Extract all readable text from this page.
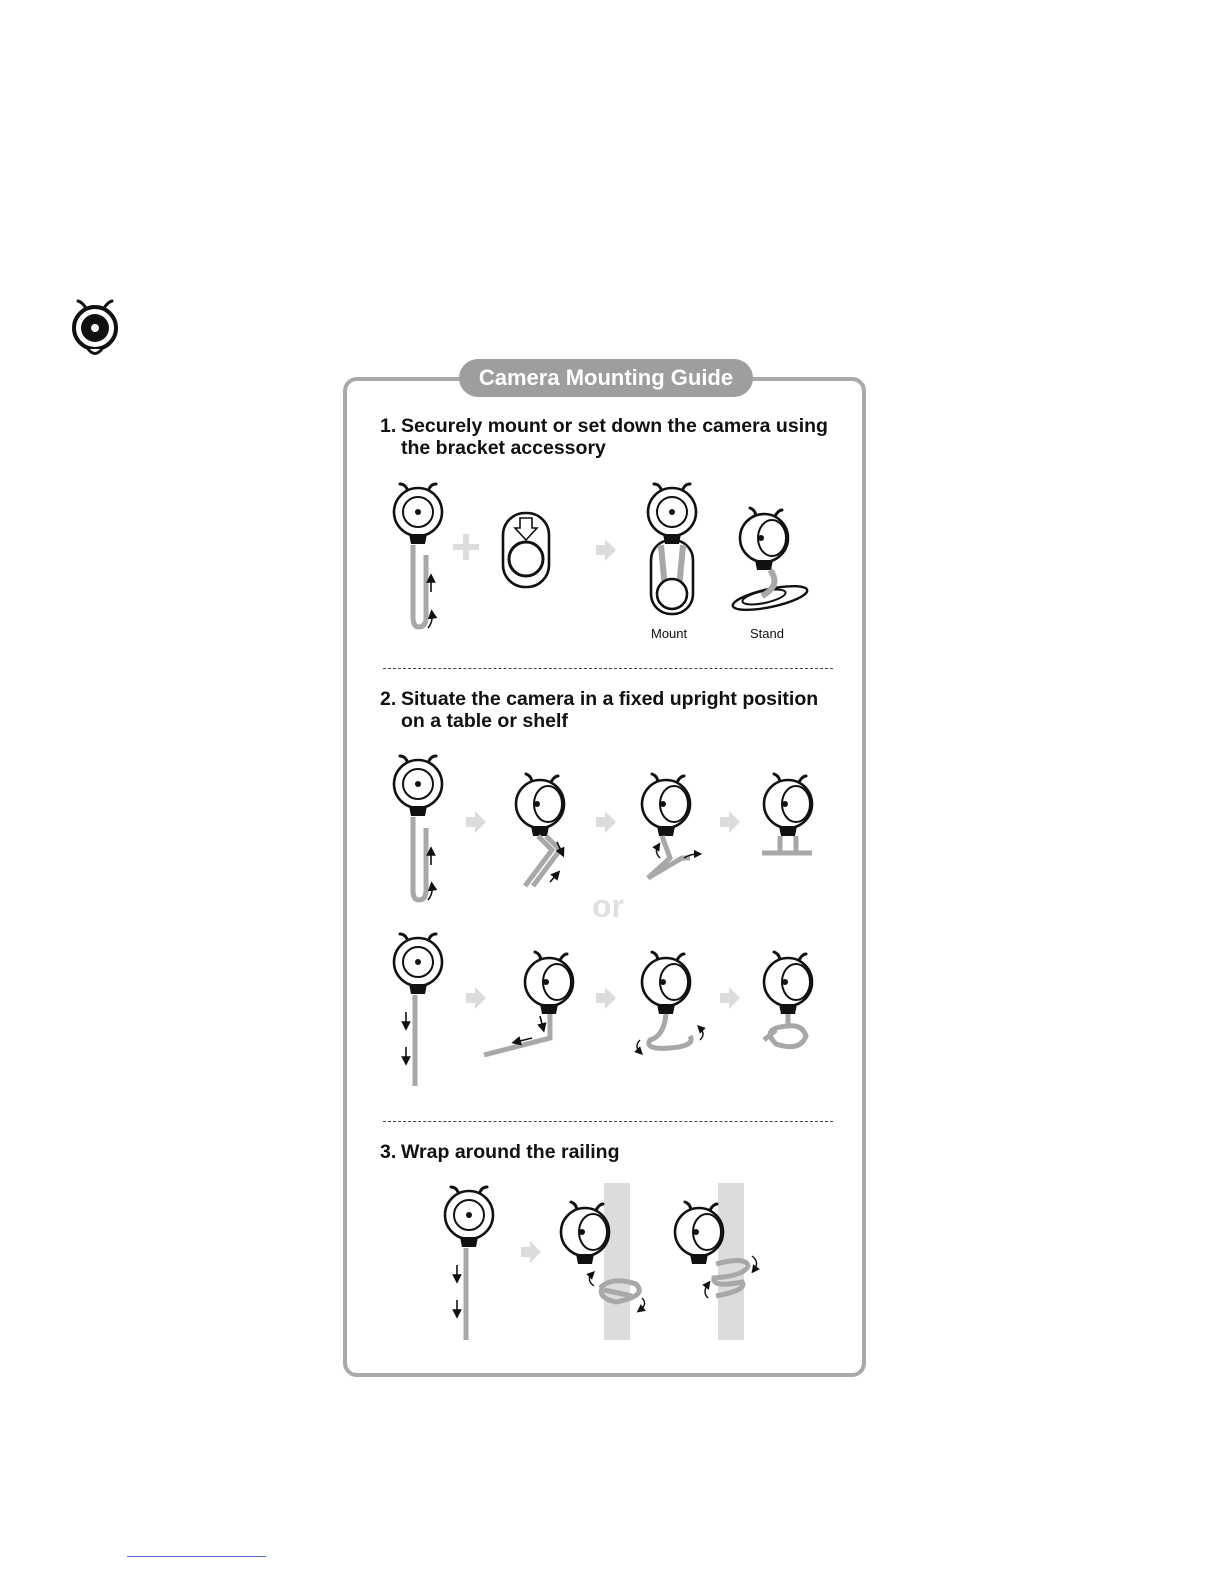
Camera Mounting Guide
1. Securely mount or set down the camera using the bracket accessory
2. Situate the camera in a fixed upright position on a table or shelf
3. Wrap around the railing
Mount	Stand
or
